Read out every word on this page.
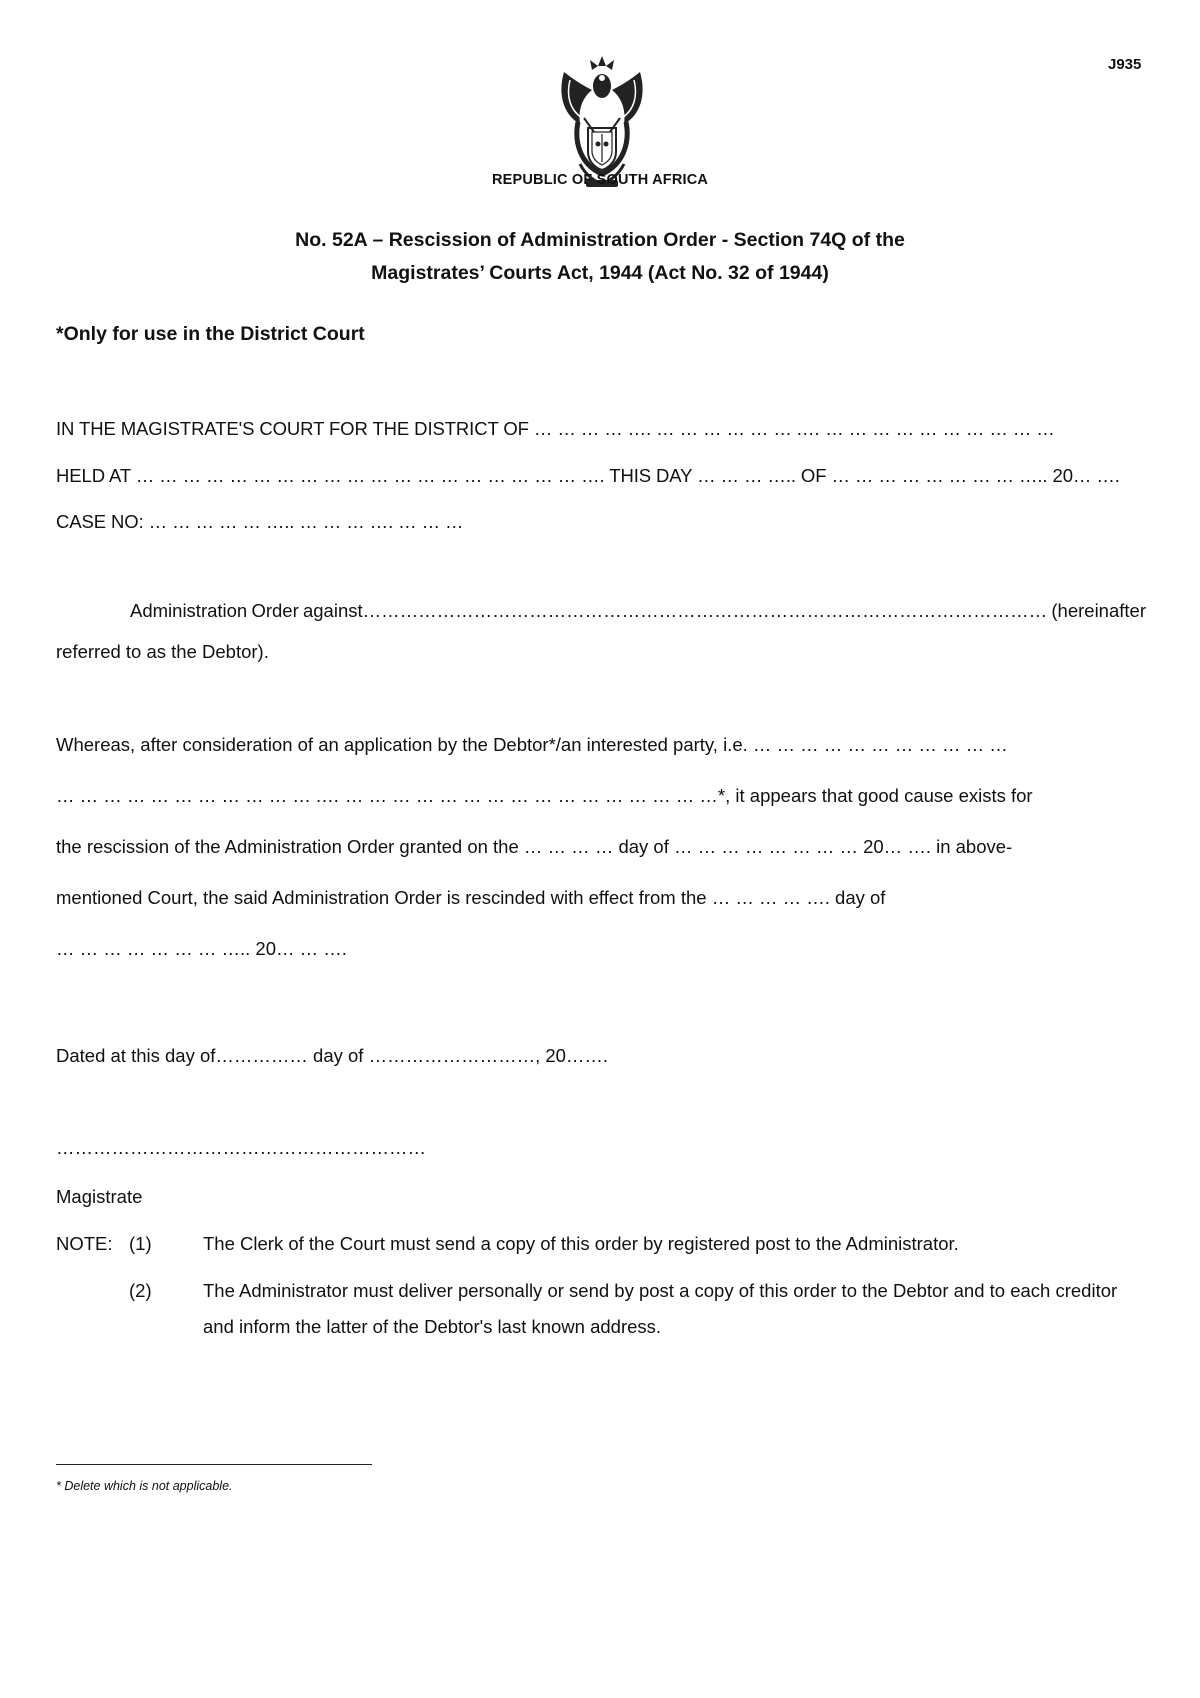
J935
REPUBLIC OF SOUTH AFRICA
No. 52A – Rescission of Administration Order - Section 74Q of the
Magistrates’ Courts Act, 1944 (Act No. 32 of 1944)
*Only for use in the District Court
IN THE MAGISTRATE'S COURT FOR THE DISTRICT OF … … … … …. … … … … … … .… … … … … … … … … … …
HELD AT … … … … … … … … … … … … … … … … … … … …. THIS DAY … … … ….. OF … … … … … … … … ….. 20… ….
CASE NO: … … … … … ….. … … … …. … … …
Administration Order against………………………………………………………………………………………………… (hereinafter
referred to as the Debtor).
Whereas, after consideration of an application by the Debtor*/an interested party, i.e. … … … … … … … … … … …
… … … … … … … … … … … .… … … … … … … … … … … … … … … … …*, it appears that good cause exists for
the rescission of the Administration Order granted on the … … … … day of … … … … … … … … 20… …. in above-
mentioned Court, the said Administration Order is rescinded with effect from the … … … … …. day of
… … … … … … … ….. 20… … ….
Dated at this day of…………… day of ………………………, 20…….
……………………………………………………
Magistrate
NOTE: (1)	The Clerk of the Court must send a copy of this order by registered post to the Administrator.
(2)	The Administrator must deliver personally or send by post a copy of this order to the Debtor and to each creditor and inform the latter of the Debtor's last known address.
* Delete which is not applicable.
